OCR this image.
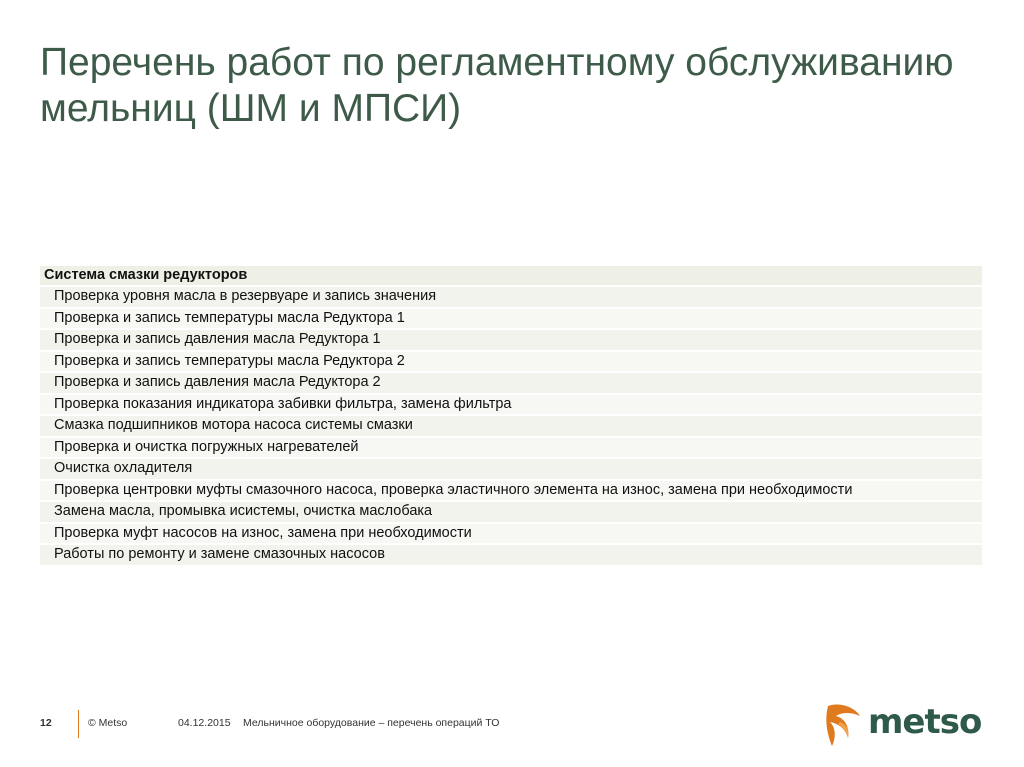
Перечень работ по регламентному обслуживанию мельниц (ШМ и МПСИ)
Система смазки редукторов
Проверка уровня масла в резервуаре и запись значения
Проверка и запись температуры масла Редуктора 1
Проверка и запись давления масла Редуктора 1
Проверка и запись температуры масла Редуктора 2
Проверка и запись давления масла Редуктора 2
Проверка показания индикатора забивки фильтра, замена фильтра
Смазка подшипников мотора насоса системы смазки
Проверка и очистка погружных нагревателей
Очистка охладителя
Проверка центровки муфты смазочного насоса, проверка эластичного элемента на износ, замена при необходимости
Замена масла, промывка исистемы, очистка маслобака
Проверка муфт насосов на износ, замена при необходимости
Работы по ремонту и замене смазочных насосов
12	© Metso	04.12.2015 Мельничное оборудование – перечень операций ТО	metso
